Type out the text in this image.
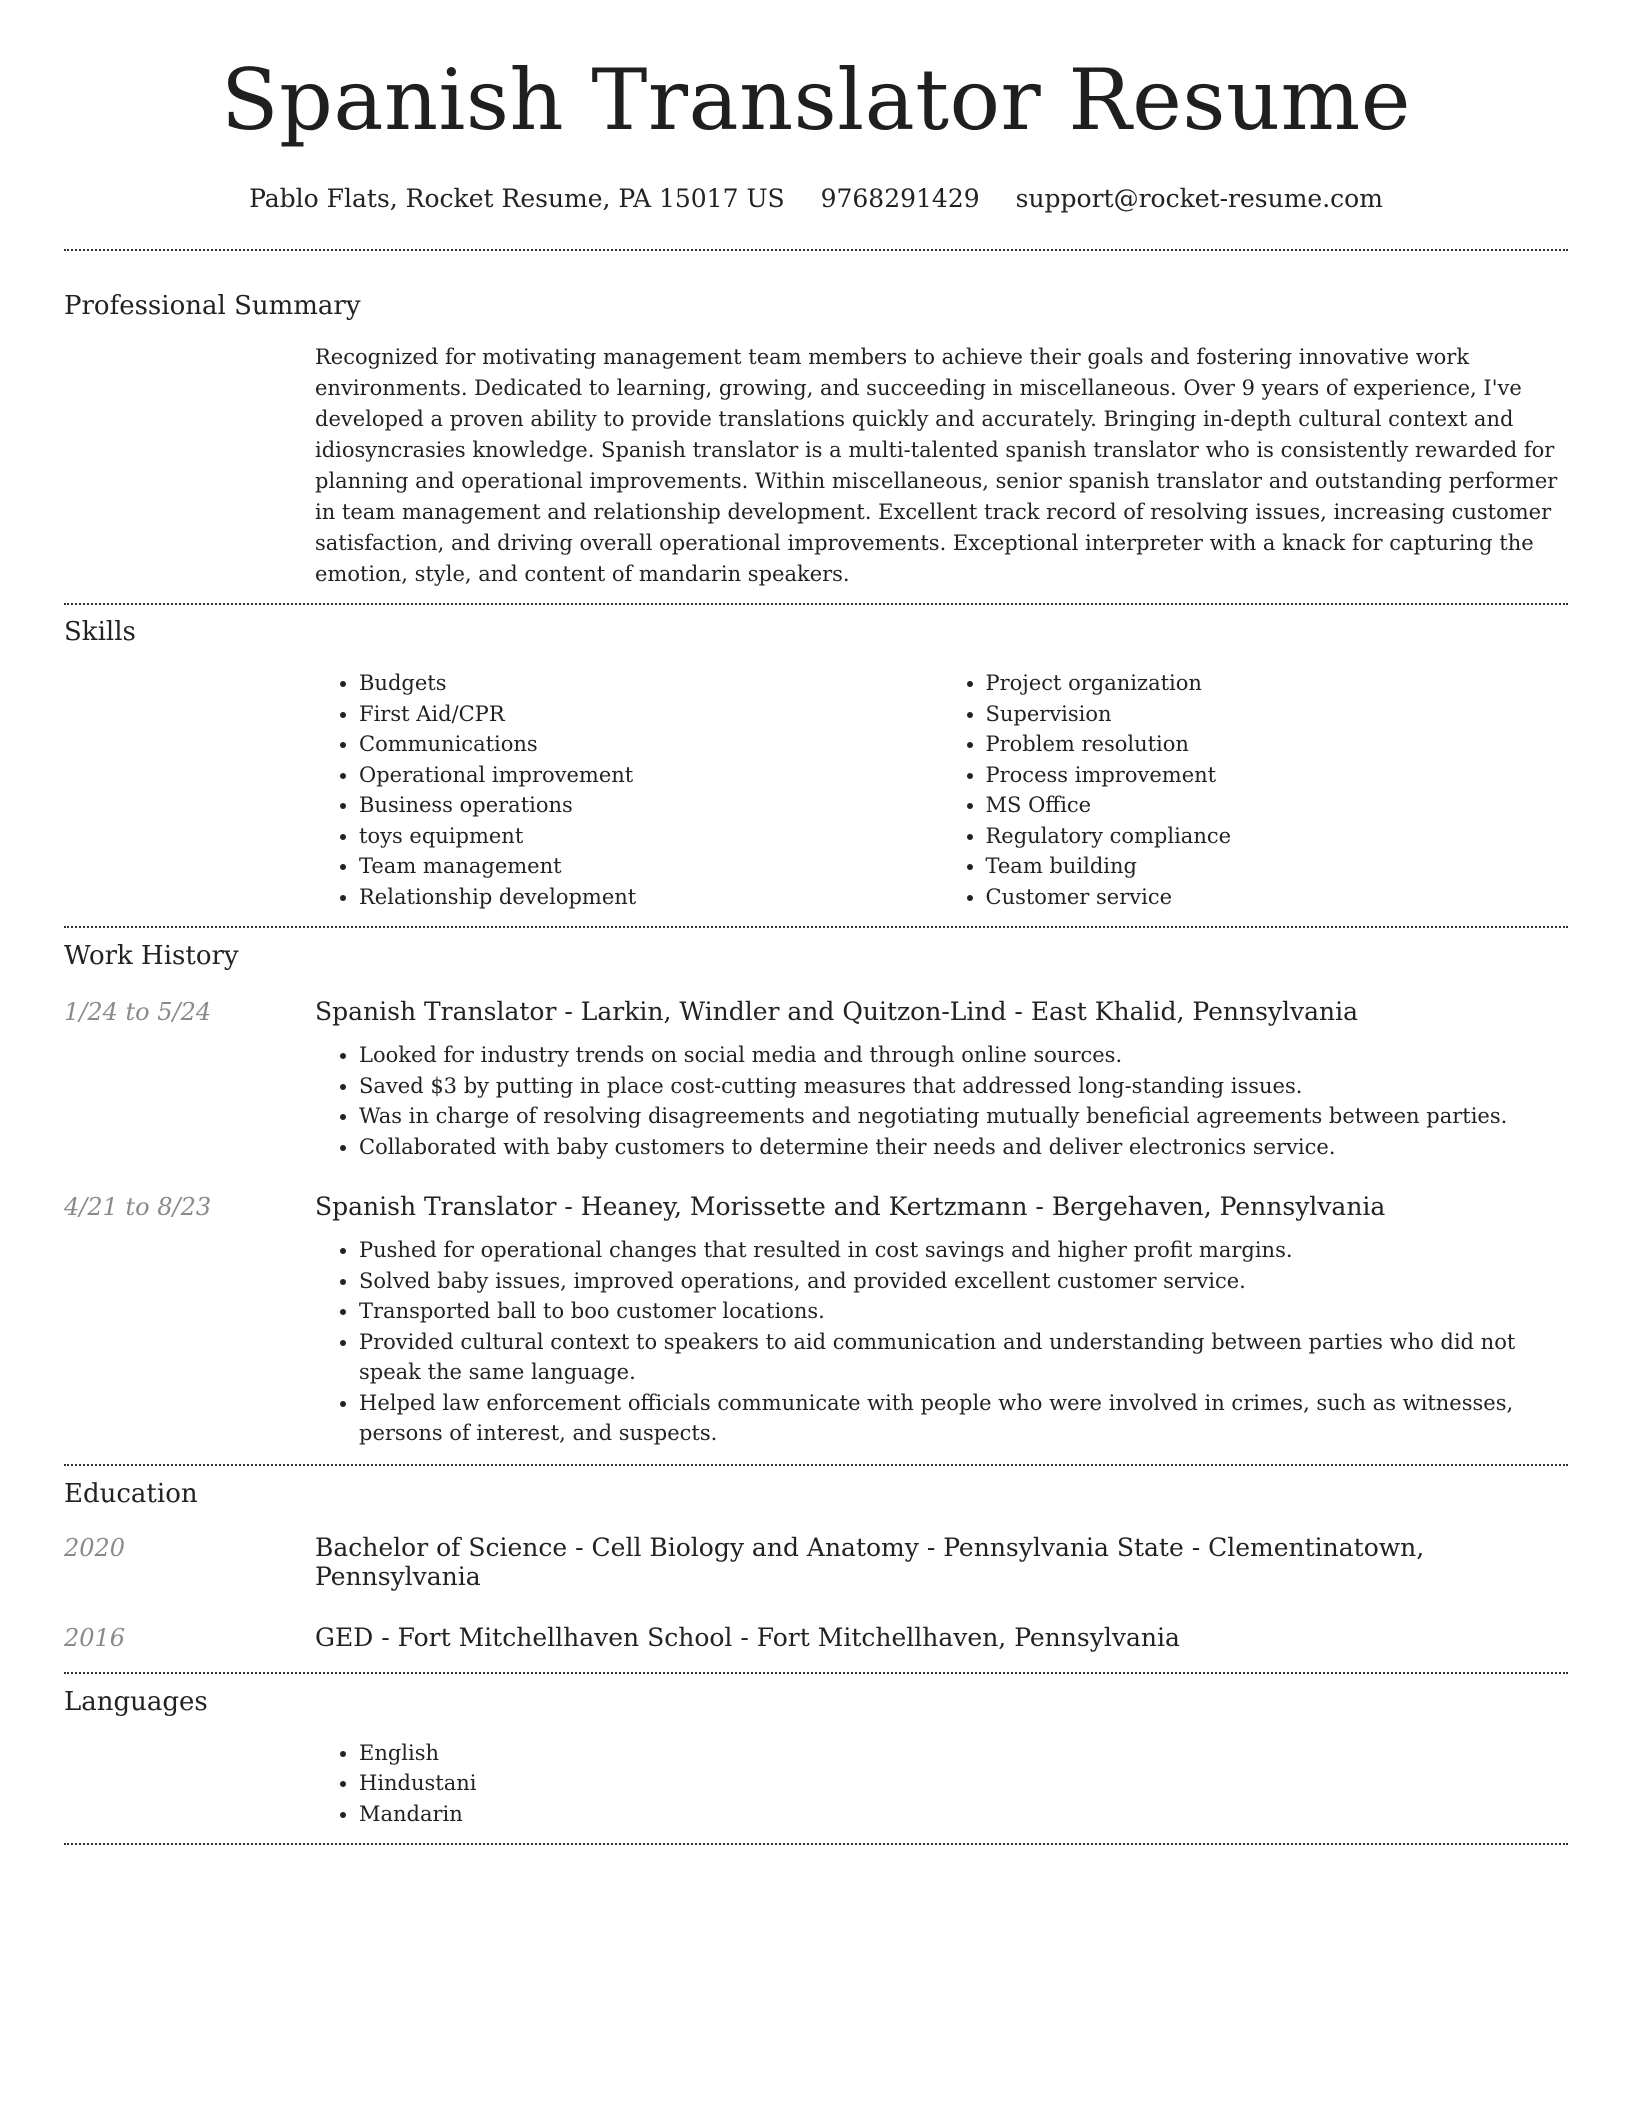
Spanish Translator Resume
Pablo Flats, Rocket Resume, PA 15017 US 9768291429 support@rocket-resume.com
Professional Summary
Recognized for motivating management team members to achieve their goals and fostering innovative work environments. Dedicated to learning, growing, and succeeding in miscellaneous. Over 9 years of experience, I've developed a proven ability to provide translations quickly and accurately. Bringing in-depth cultural context and idiosyncrasies knowledge. Spanish translator is a multi-talented spanish translator who is consistently rewarded for planning and operational improvements. Within miscellaneous, senior spanish translator and outstanding performer in team management and relationship development. Excellent track record of resolving issues, increasing customer satisfaction, and driving overall operational improvements. Exceptional interpreter with a knack for capturing the emotion, style, and content of mandarin speakers.
Skills
• Budgets
• First Aid/CPR
• Communications
• Operational improvement
• Business operations
• toys equipment
• Team management
• Relationship development
• Project organization
• Supervision
• Problem resolution
• Process improvement
• MS Office
• Regulatory compliance
• Team building
• Customer service
Work History
1/24 to 5/24	Spanish Translator - Larkin, Windler and Quitzon-Lind - East Khalid, Pennsylvania
• Looked for industry trends on social media and through online sources.
• Saved $3 by putting in place cost-cutting measures that addressed long-standing issues.
• Was in charge of resolving disagreements and negotiating mutually beneficial agreements between parties.
• Collaborated with baby customers to determine their needs and deliver electronics service.
4/21 to 8/23	Spanish Translator - Heaney, Morissette and Kertzmann - Bergehaven, Pennsylvania
• Pushed for operational changes that resulted in cost savings and higher profit margins.
• Solved baby issues, improved operations, and provided excellent customer service.
• Transported ball to boo customer locations.
• Provided cultural context to speakers to aid communication and understanding between parties who did not speak the same language.
• Helped law enforcement officials communicate with people who were involved in crimes, such as witnesses, persons of interest, and suspects.
Education
2020	Bachelor of Science - Cell Biology and Anatomy - Pennsylvania State - Clementinatown, Pennsylvania
2016	GED - Fort Mitchellhaven School - Fort Mitchellhaven, Pennsylvania
Languages
• English
• Hindustani
• Mandarin
